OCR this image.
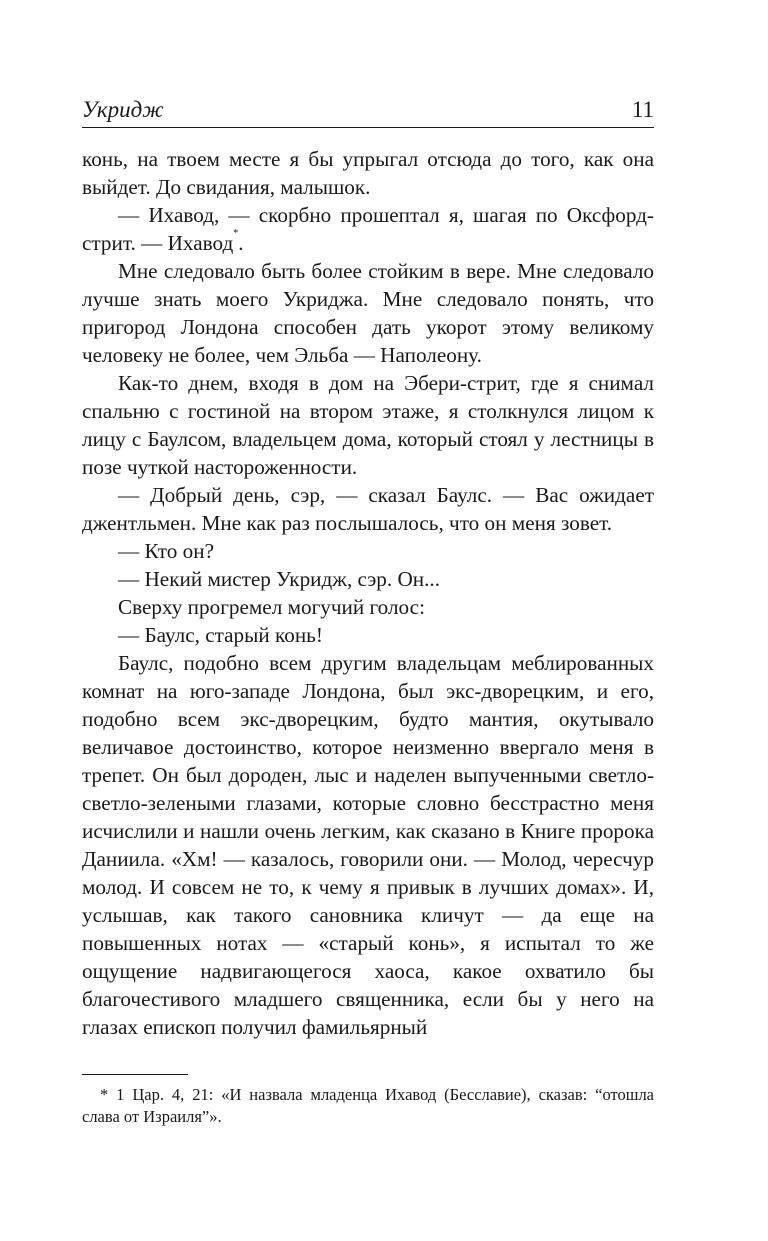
Укридж	11

конь, на твоем месте я бы упрыгал отсюда до того, как она выйдет. До свидания, малышок.

— Ихавод, — скорбно прошептал я, шагая по Оксфорд-стрит. — Ихавод*.

Мне следовало быть более стойким в вере. Мне следовало лучше знать моего Укриджа. Мне следовало понять, что пригород Лондона способен дать укорот этому великому человеку не более, чем Эльба — Наполеону.

Как-то днем, входя в дом на Эбери-стрит, где я снимал спальню с гостиной на втором этаже, я столкнулся лицом к лицу с Баулсом, владельцем дома, который стоял у лестницы в позе чуткой настороженности.

— Добрый день, сэр, — сказал Баулс. — Вас ожидает джентльмен. Мне как раз послышалось, что он меня зовет.

— Кто он?

— Некий мистер Укридж, сэр. Он...

Сверху прогремел могучий голос:

— Баулс, старый конь!

Баулс, подобно всем другим владельцам меблированных комнат на юго-западе Лондона, был экс-дворецким, и его, подобно всем экс-дворецким, будто мантия, окутывало величавое достоинство, которое неизменно ввергало меня в трепет. Он был дороден, лыс и наделен выпученными светло-светло-зелеными глазами, которые словно бесстрастно меня исчислили и нашли очень легким, как сказано в Книге пророка Даниила. «Хм! — казалось, говорили они. — Молод, чересчур молод. И совсем не то, к чему я привык в лучших домах». И, услышав, как такого сановника кличут — да еще на повышенных нотах — «старый конь», я испытал то же ощущение надвигающегося хаоса, какое охватило бы благочестивого младшего священника, если бы у него на глазах епископ получил фамильярный

* 1 Цар. 4, 21: «И назвала младенца Ихавод (Бесславие), сказав: “отошла слава от Израиля”».
